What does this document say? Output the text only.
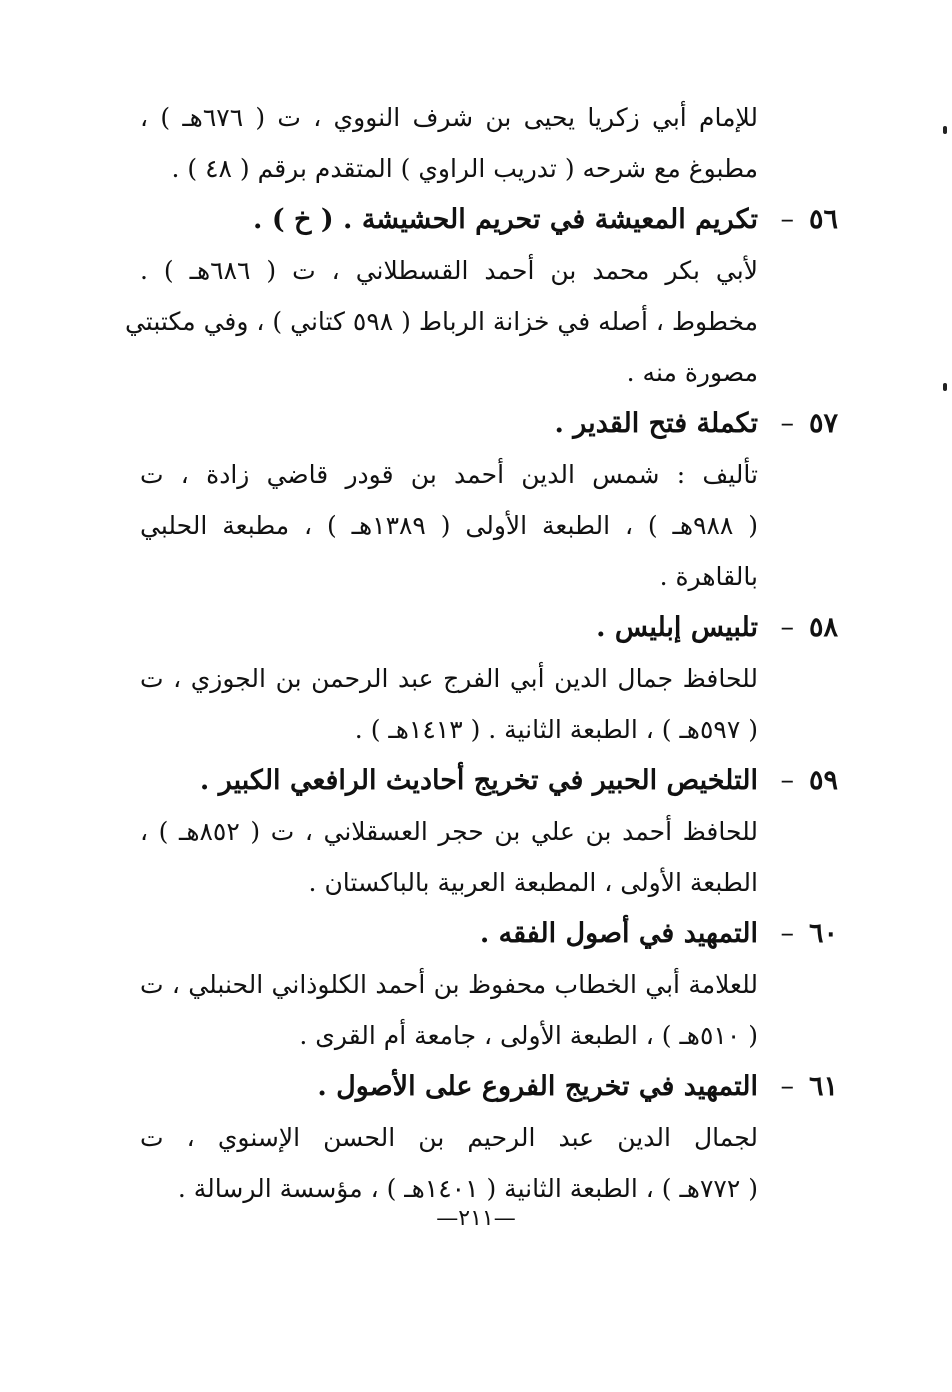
للإمام أبي زكريا يحيى بن شرف النووي ، ت ( ٦٧٦هـ ) ،
مطبوغ مع شرحه ( تدريب الراوي ) المتقدم برقم ( ٤٨ ) .
٥٦–تكريم المعيشة في تحريم الحشيشة . ( خ ) .
لأبي بكر محمد بن أحمد القسطلاني ، ت ( ٦٨٦هـ ) .
مخطوط ، أصله في خزانة الرباط ( ٥٩٨ كتاني ) ، وفي مكتبتي
مصورة منه .
٥٧–تكملة فتح القدير .
تأليف : شمس الدين أحمد بن قودر قاضي زادة ، ت
( ٩٨٨هـ ) ، الطبعة الأولى ( ١٣٨٩هـ ) ، مطبعة الحلبي
بالقاهرة .
٥٨–تلبيس إبليس .
للحافظ جمال الدين أبي الفرج عبد الرحمن بن الجوزي ، ت
( ٥٩٧هـ ) ، الطبعة الثانية . ( ١٤١٣هـ ) .
٥٩–التلخيص الحبير في تخريج أحاديث الرافعي الكبير .
للحافظ أحمد بن علي بن حجر العسقلاني ، ت ( ٨٥٢هـ ) ،
الطبعة الأولى ، المطبعة العربية بالباكستان .
٦٠–التمهيد في أصول الفقه .
للعلامة أبي الخطاب محفوظ بن أحمد الكلوذاني الحنبلي ، ت
( ٥١٠هـ ) ، الطبعة الأولى ، جامعة أم القرى .
٦١–التمهيد في تخريج الفروع على الأصول .
لجمال الدين عبد الرحيم بن الحسن الإسنوي ، ت
( ٧٧٢هـ ) ، الطبعة الثانية ( ١٤٠١هـ ) ، مؤسسة الرسالة .
—٢١١—
